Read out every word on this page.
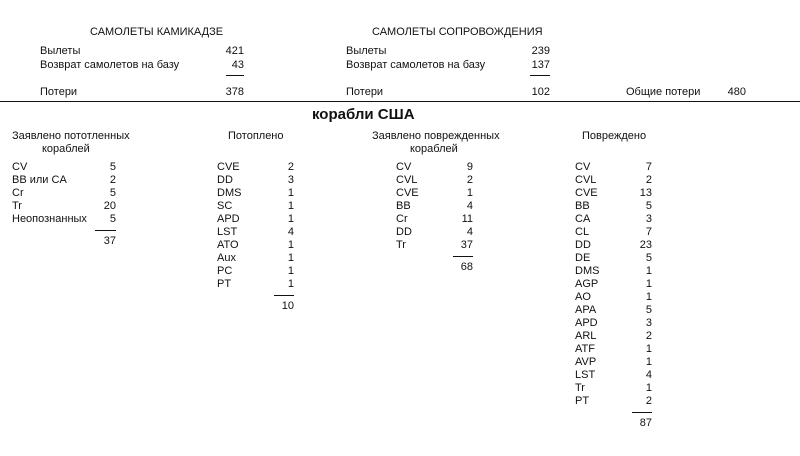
САМОЛЕТЫ КАМИКАДЗЕ
Вылеты	421
Возврат самолетов на базу	43
Потери	378
САМОЛЕТЫ СОПРОВОЖДЕНИЯ
Вылеты	239
Возврат самолетов на базу	137
Потери	102	Общие потери	480
корабли США
Заявлено пототленных
кораблей
Потоплено	Заявлено поврежденных
кораблей
Повреждено
CV	5
BB или CA	2
Cr	5
Tr	20
Неопознанных	5
37
CVE	2
DD	3
DMS	1
SC	1
APD	1
LST	4
ATO	1
Aux	1
PC	1
PT	1
10
CV	9
CVL	2
CVE	1
BB	4
Cr	11
DD	4
Tr	37
68
CV	7
CVL	2
CVE	13
BB	5
CA	3
CL	7
DD	23
DE	5
DMS	1
AGP	1
AO	1
APA	5
APD	3
ARL	2
ATF	1
AVP	1
LST	4
Tr	1
PT	2
87
